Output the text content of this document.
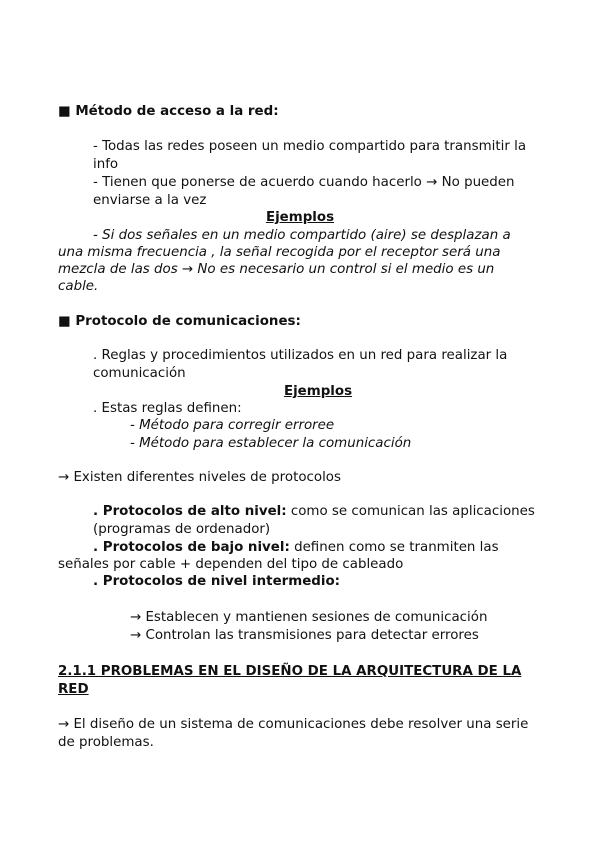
■ Método de acceso a la red:
- Todas las redes poseen un medio compartido para transmitir la
info
- Tienen que ponerse de acuerdo cuando hacerlo → No pueden
enviarse a la vez
Ejemplos
- Si dos señales en un medio compartido (aire) se desplazan a
una misma frecuencia , la señal recogida por el receptor será una
mezcla de las dos → No es necesario un control si el medio es un
cable.
■ Protocolo de comunicaciones:
. Reglas y procedimientos utilizados en un red para realizar la
comunicación
Ejemplos
. Estas reglas definen:
- Método para corregir erroree
- Método para establecer la comunicación
→ Existen diferentes niveles de protocolos
. Protocolos de alto nivel: como se comunican las aplicaciones
(programas de ordenador)
. Protocolos de bajo nivel: definen como se tranmiten las
señales por cable + dependen del tipo de cableado
. Protocolos de nivel intermedio:
→ Establecen y mantienen sesiones de comunicación
→ Controlan las transmisiones para detectar errores
2.1.1 PROBLEMAS EN EL DISEÑO DE LA ARQUITECTURA DE LA
RED
→ El diseño de un sistema de comunicaciones debe resolver una serie
de problemas.
